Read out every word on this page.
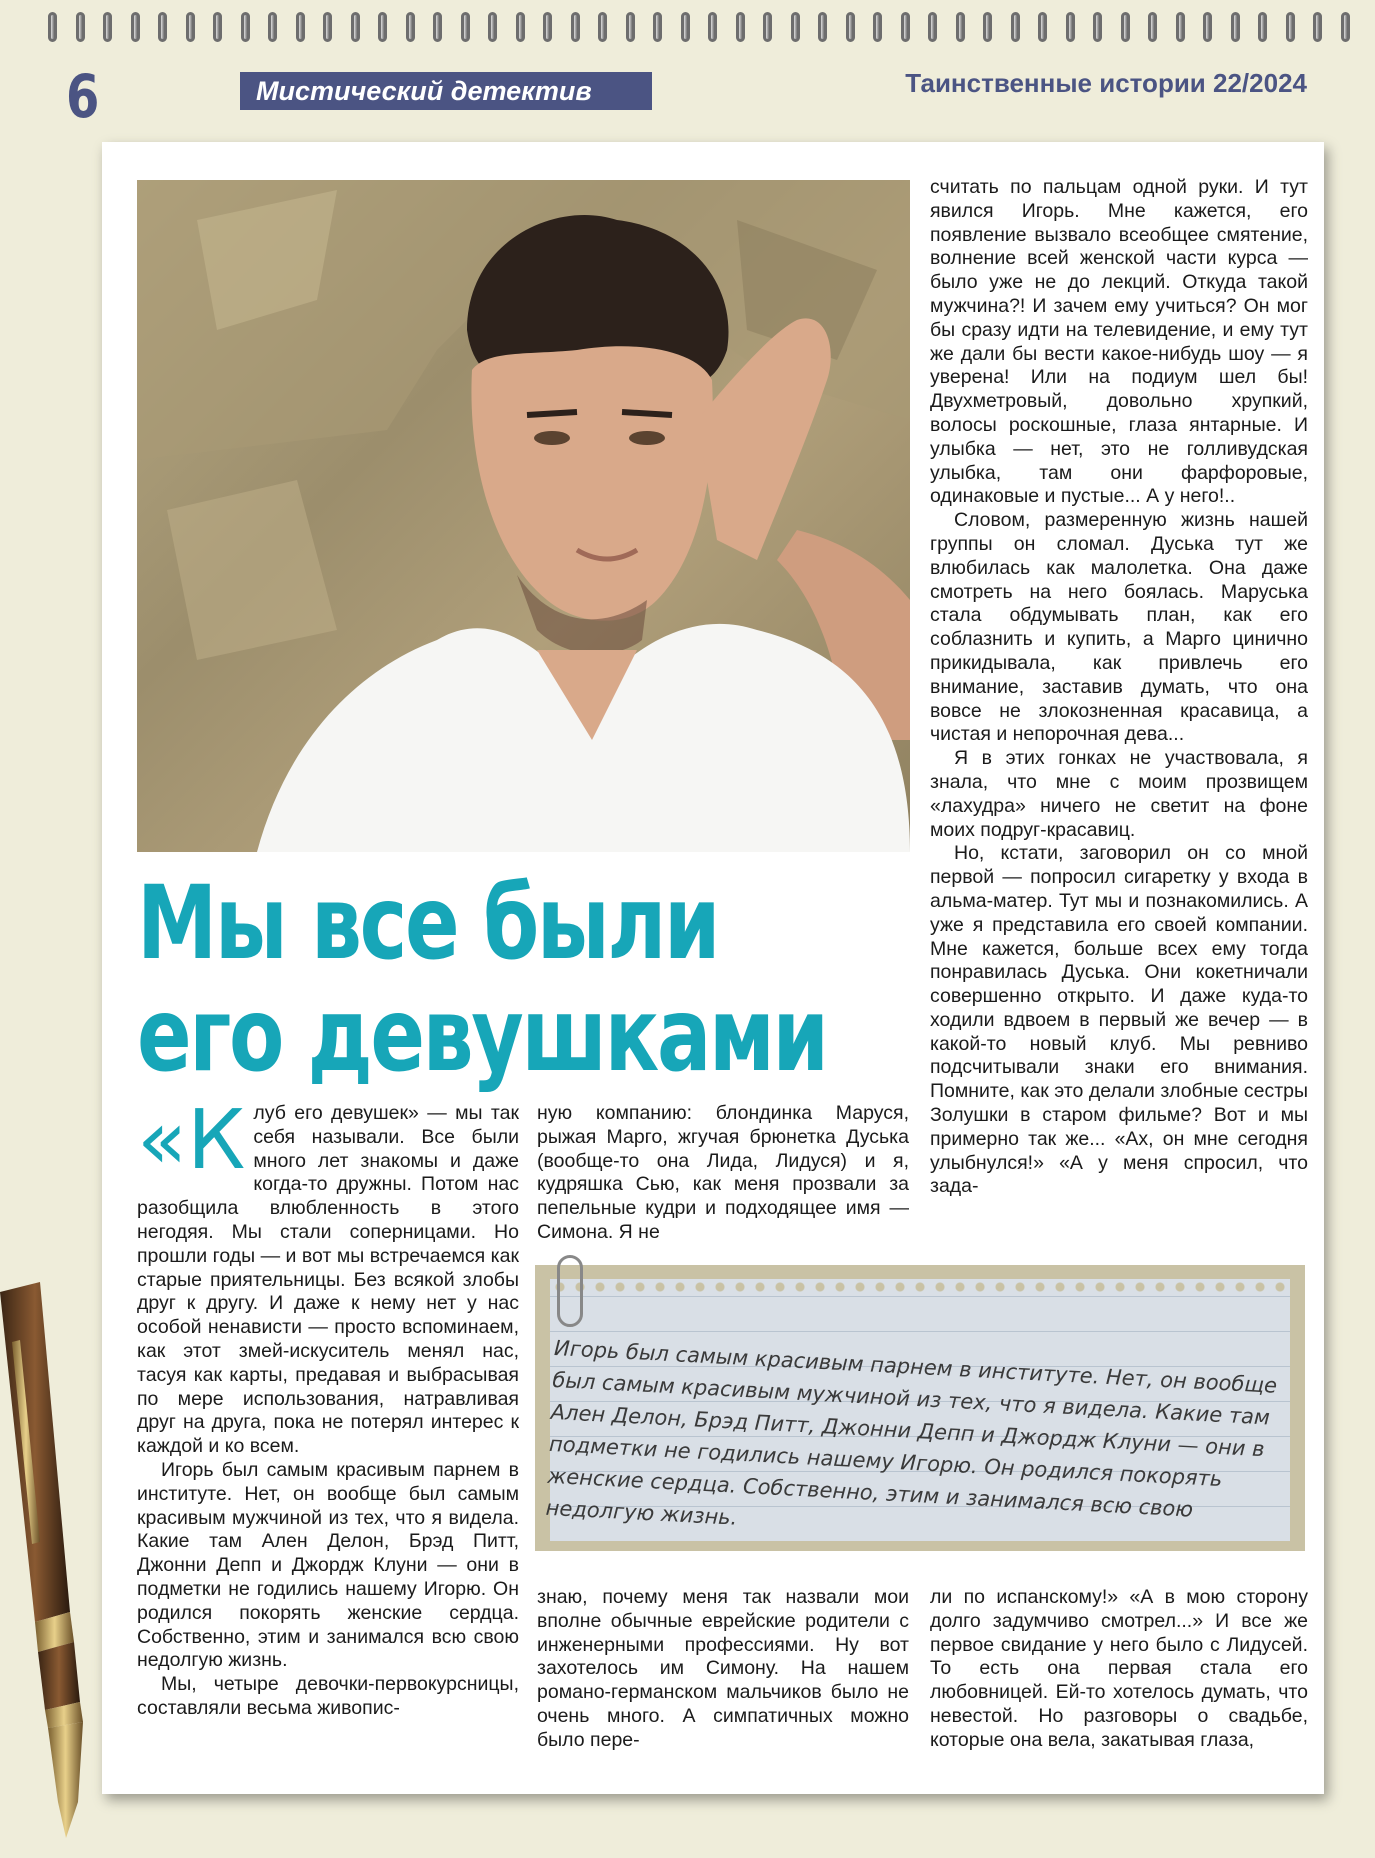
6	Мистический детектив	Таинственные истории 22/2024
Мы все были
его девушками

«Клуб его девушек» — мы так себя называли. Все были много лет знакомы и даже когда-то дружны. Потом нас разобщила влюбленность в этого негодяя. Мы стали соперницами. Но прошли годы — и вот мы встречаемся как старые приятельницы. Без всякой злобы друг к другу. И даже к нему нет у нас особой ненависти — просто вспоминаем, как этот змей-искуситель менял нас, тасуя как карты, предавая и выбрасывая по мере использования, натравливая друг на друга, пока не потерял интерес к каждой и ко всем.

Игорь был самым красивым парнем в институте. Нет, он вообще был самым красивым мужчиной из тех, что я видела. Какие там Ален Делон, Брэд Питт, Джонни Депп и Джордж Клуни — они в подметки не годились нашему Игорю. Он родился покорять женские сердца. Собственно, этим и занимался всю свою недолгую жизнь.

Мы, четыре девочки-первокурсницы, составляли весьма живопис-

ную компанию: блондинка Маруся, рыжая Марго, жгучая брюнетка Дуська (вообще-то она Лида, Лидуся) и я, кудряшка Сью, как меня прозвали за пепельные кудри и подходящее имя — Симона. Я не

Игорь был самым красивым парнем в институте. Нет, он вообще был самым красивым мужчиной из тех, что я видела. Какие там Ален Делон, Брэд Питт, Джонни Депп и Джордж Клуни — они в подметки не годились нашему Игорю. Он родился покорять женские сердца. Собственно, этим и занимался всю свою недолгую жизнь.

знаю, почему меня так назвали мои вполне обычные еврейские родители с инженерными профессиями. Ну вот захотелось им Симону. На нашем романо-германском мальчиков было не очень много. А симпатичных можно было пере-

ли по испанскому!» «А в мою сторону долго задумчиво смотрел...» И все же первое свидание у него было с Лидусей. То есть она первая стала его любовницей. Ей-то хотелось думать, что невестой. Но разговоры о свадьбе, которые она вела, закатывая глаза,

считать по пальцам одной руки. И тут явился Игорь. Мне кажется, его появление вызвало всеобщее смятение, волнение всей женской части курса — было уже не до лекций. Откуда такой мужчина?! И зачем ему учиться? Он мог бы сразу идти на телевидение, и ему тут же дали бы вести какое-нибудь шоу — я уверена! Или на подиум шел бы! Двухметровый, довольно хрупкий, волосы роскошные, глаза янтарные. И улыбка — нет, это не голливудская улыбка, там они фарфоровые, одинаковые и пустые... А у него!..

Словом, размеренную жизнь нашей группы он сломал. Дуська тут же влюбилась как малолетка. Она даже смотреть на него боялась. Маруська стала обдумывать план, как его соблазнить и купить, а Марго цинично прикидывала, как привлечь его внимание, заставив думать, что она вовсе не злокозненная красавица, а чистая и непорочная дева...

Я в этих гонках не участвовала, я знала, что мне с моим прозвищем «лахудра» ничего не светит на фоне моих подруг-красавиц.

Но, кстати, заговорил он со мной первой — попросил сигаретку у входа в альма-матер. Тут мы и познакомились. А уже я представила его своей компании. Мне кажется, больше всех ему тогда понравилась Дуська. Они кокетничали совершенно открыто. И даже куда-то ходили вдвоем в первый же вечер — в какой-то новый клуб. Мы ревниво подсчитывали знаки его внимания. Помните, как это делали злобные сестры Золушки в старом фильме? Вот и мы примерно так же... «Ах, он мне сегодня улыбнулся!» «А у меня спросил, что зада-
